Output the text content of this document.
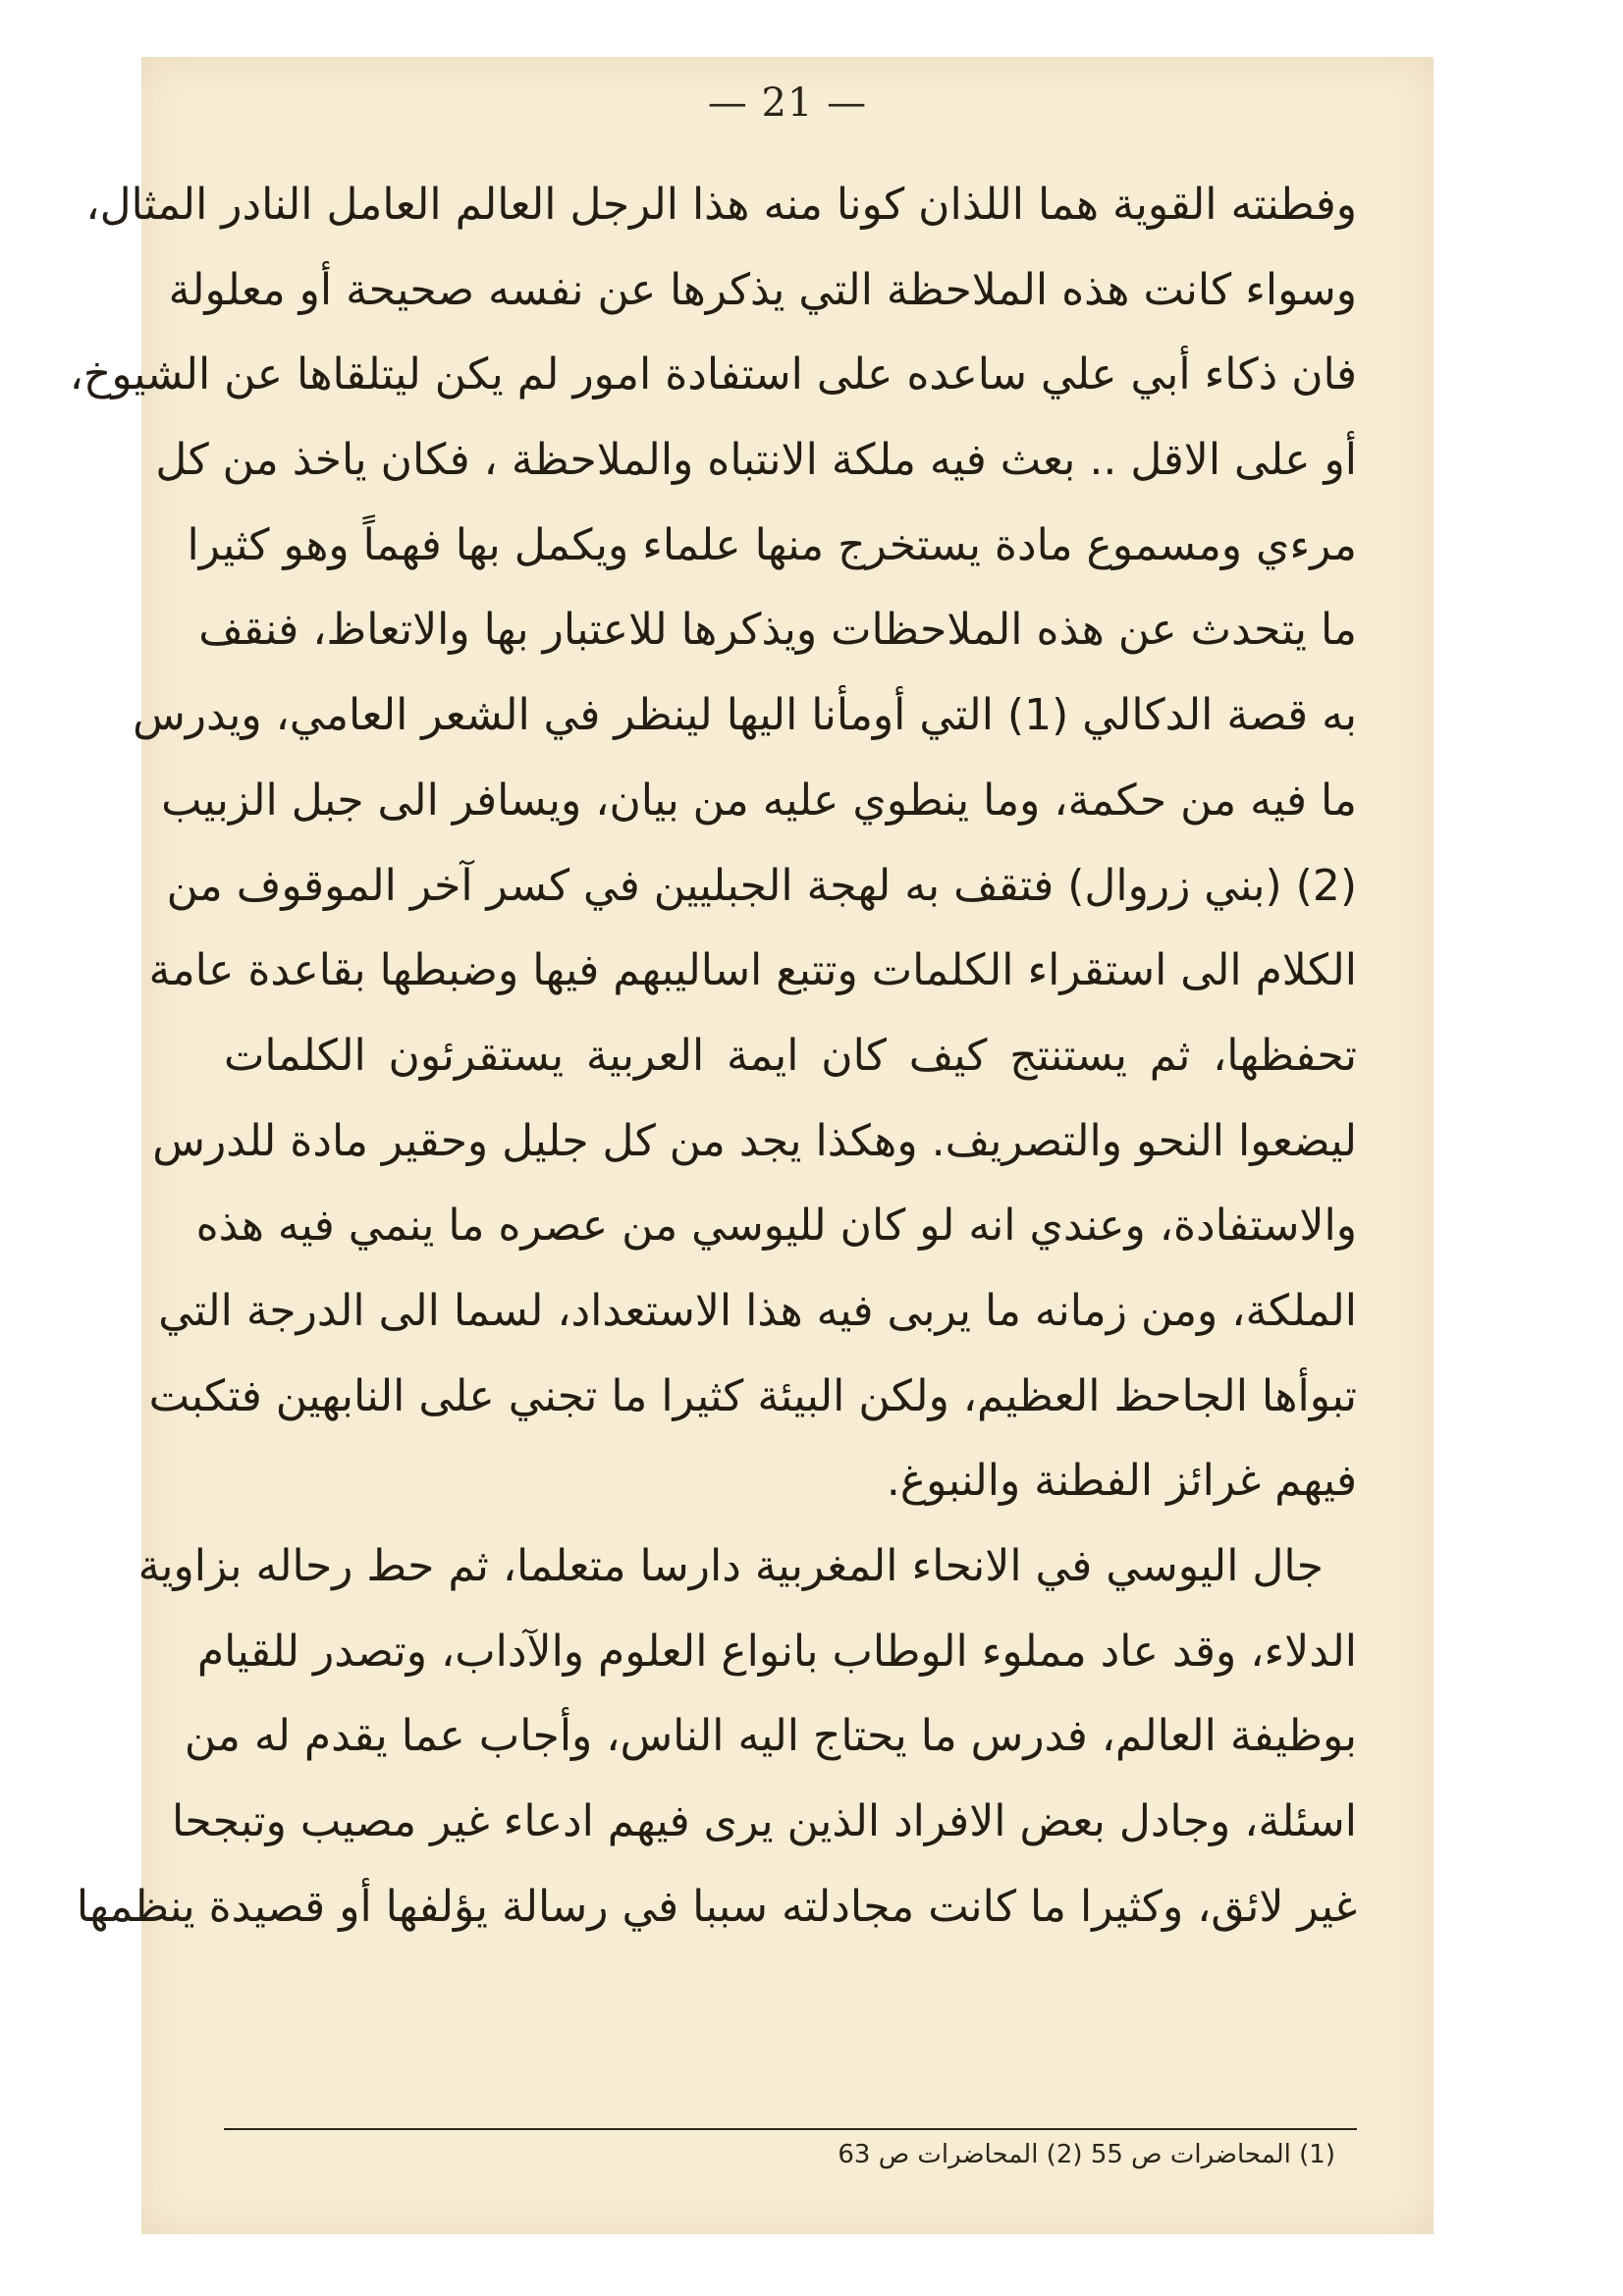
— 21 —
وفطنته القوية هما اللذان كونا منه هذا الرجل العالم العامل النادر المثال،
وسواء كانت هذه الملاحظة التي يذكرها عن نفسه صحيحة أو معلولة
فان ذكاء أبي علي ساعده على استفادة امور لم يكن ليتلقاها عن الشيوخ،
أو على الاقل .. بعث فيه ملكة الانتباه والملاحظة ، فكان ياخذ من كل
مرءي ومسموع مادة يستخرج منها علماء ويكمل بها فهماً وهو كثيرا
ما يتحدث عن هذه الملاحظات ويذكرها للاعتبار بها والاتعاظ، فنقف
به قصة الدكالي (1) التي أومأنا اليها لينظر في الشعر العامي، ويدرس
ما فيه من حكمة، وما ينطوي عليه من بيان، ويسافر الى جبل الزبيب
(2) (بني زروال) فتقف به لهجة الجبليين في كسر آخر الموقوف من
الكلام الى استقراء الكلمات وتتبع اساليبهم فيها وضبطها بقاعدة عامة
تحفظها، ثم يستنتج كيف كان ايمة العربية يستقرئون الكلمات
ليضعوا النحو والتصريف. وهكذا يجد من كل جليل وحقير مادة للدرس
والاستفادة، وعندي انه لو كان لليوسي من عصره ما ينمي فيه هذه
الملكة، ومن زمانه ما يربى فيه هذا الاستعداد، لسما الى الدرجة التي
تبوأها الجاحظ العظيم، ولكن البيئة كثيرا ما تجني على النابهين فتكبت
فيهم غرائز الفطنة والنبوغ.
جال اليوسي في الانحاء المغربية دارسا متعلما، ثم حط رحاله بزاوية
الدلاء، وقد عاد مملوء الوطاب بانواع العلوم والآداب، وتصدر للقيام
بوظيفة العالم، فدرس ما يحتاج اليه الناس، وأجاب عما يقدم له من
اسئلة، وجادل بعض الافراد الذين يرى فيهم ادعاء غير مصيب وتبجحا
غير لائق، وكثيرا ما كانت مجادلته سببا في رسالة يؤلفها أو قصيدة ينظمها
(1) المحاضرات ص 55 (2) المحاضرات ص 63
